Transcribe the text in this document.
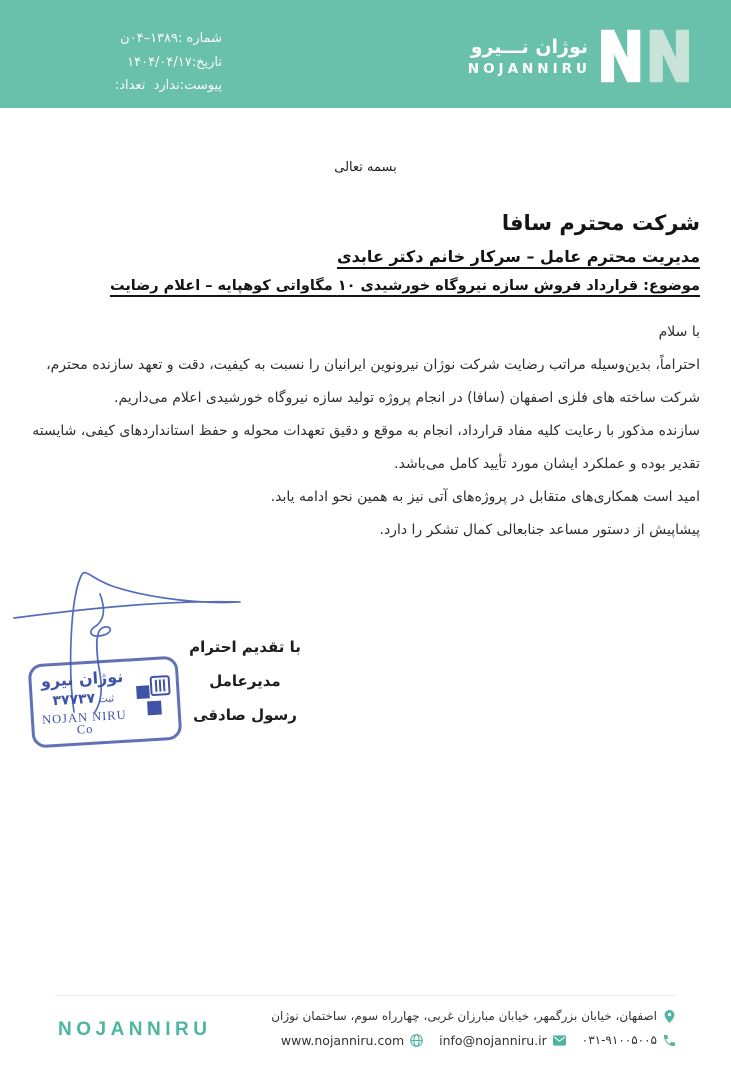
شماره :۱۳۸۹–۰۴ن
تاریخ:۱۴۰۴/۰۴/۱۷
پیوست:ندارد  تعداد:
نوژان نـــیرو
NOJANNIRU
بسمه تعالی

شرکت محترم سافا

مدیریت محترم عامل – سرکار خانم دکتر عابدی

موضوع: قرارداد فروش سازه نیروگاه خورشیدی ۱۰ مگاواتی کوهپایه – اعلام رضایت

با سلام

احتراماً، بدین‌وسیله مراتب رضایت شرکت نوژان نیرونوین ایرانیان را نسبت به کیفیت، دقت و تعهد سازنده محترم، شرکت ساخته های فلزی اصفهان (سافا) در انجام پروژه تولید سازه نیروگاه خورشیدی اعلام می‌داریم.

سازنده مذکور با رعایت کلیه مفاد قرارداد، انجام به موقع و دقیق تعهدات محوله و حفظ استانداردهای کیفی، شایسته تقدیر بوده و عملکرد ایشان مورد تأیید کامل می‌باشد.

امید است همکاری‌های متقابل در پروژه‌های آتی نیز به همین نحو ادامه یابد.

پیشاپیش از دستور مساعد جنابعالی کمال تشکر را دارد.

نوژان نیرو
ثبت ۳۷۷۳۷
NOJAN NIRU Co
با تقدیم احترام
مدیرعامل
رسول صادقی
NOJANNIRU
اصفهان، خیابان بزرگمهر، خیابان مبارزان غربی، چهارراه سوم، ساختمان نوژان
۰۳۱-۹۱۰۰۵۰۰۵
info@nojanniru.ir
www.nojanniru.com
